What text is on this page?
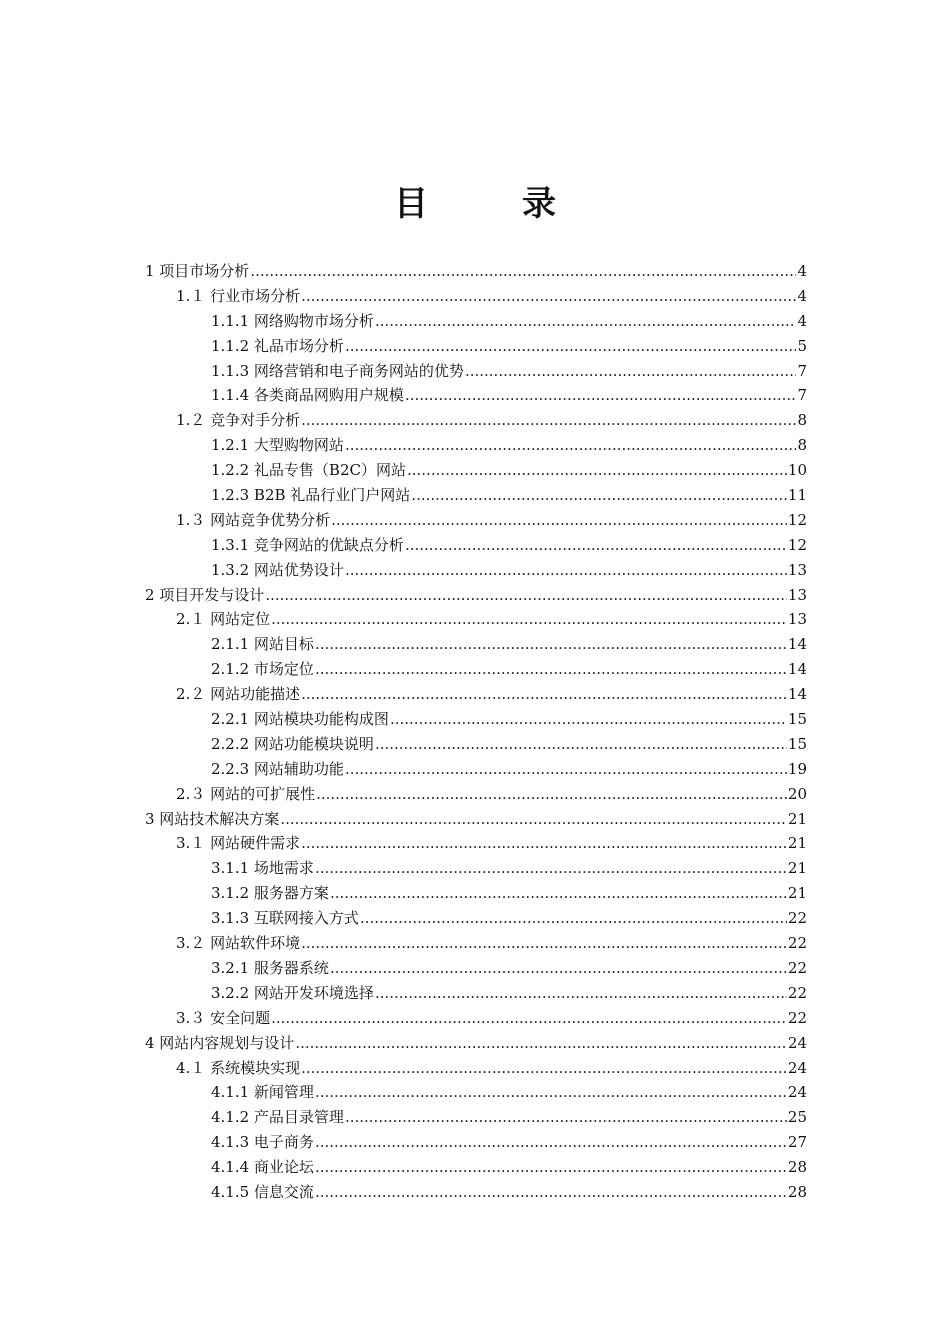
目　录
1 项目市场分析 .....	4
1.１ 行业市场分析 .....	4
1.1.1 网络购物市场分析 .....	4
1.1.2 礼品市场分析 .....	5
1.1.3 网络营销和电子商务网站的优势 .....	7
1.1.4 各类商品网购用户规模 .....	7
1.２ 竞争对手分析 .....	8
1.2.1 大型购物网站 .....	8
1.2.2 礼品专售（B2C）网站 .....	10
1.2.3 B2B 礼品行业门户网站 .....	11
1.３ 网站竞争优势分析 .....	12
1.3.1 竞争网站的优缺点分析 .....	12
1.3.2 网站优势设计 .....	13
2 项目开发与设计 .....	13
2.１ 网站定位 .....	13
2.1.1 网站目标 .....	14
2.1.2 市场定位 .....	14
2.２ 网站功能描述 .....	14
2.2.1 网站模块功能构成图 .....	15
2.2.2 网站功能模块说明 .....	15
2.2.3 网站辅助功能 .....	19
2.３ 网站的可扩展性 .....	20
3 网站技术解决方案 .....	21
3.１ 网站硬件需求 .....	21
3.1.1 场地需求 .....	21
3.1.2 服务器方案 .....	21
3.1.3 互联网接入方式 .....	22
3.２ 网站软件环境 .....	22
3.2.1 服务器系统 .....	22
3.2.2 网站开发环境选择 .....	22
3.３ 安全问题 .....	22
4 网站内容规划与设计 .....	24
4.１ 系统模块实现 .....	24
4.1.1 新闻管理 .....	24
4.1.2 产品目录管理 .....	25
4.1.3 电子商务 .....	27
4.1.4 商业论坛 .....	28
4.1.5 信息交流 .....	28
